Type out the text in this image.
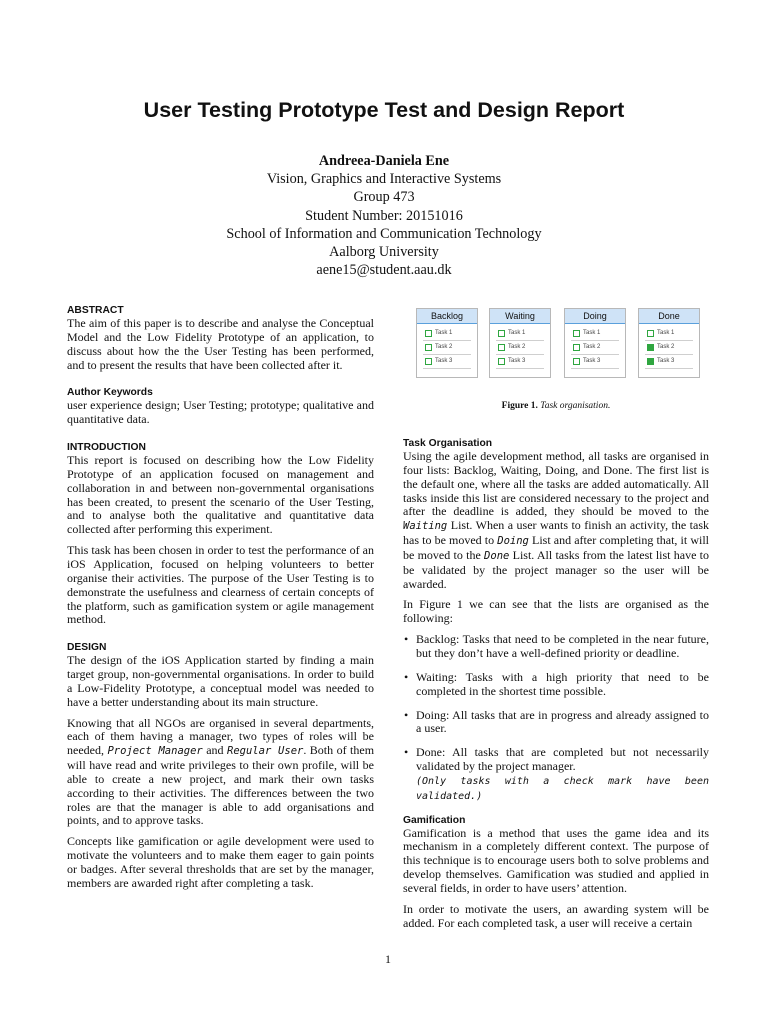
User Testing Prototype Test and Design Report
Andreea-Daniela Ene
Vision, Graphics and Interactive Systems
Group 473
Student Number: 20151016
School of Information and Communication Technology
Aalborg University
aene15@student.aau.dk
ABSTRACT

The aim of this paper is to describe and analyse the Conceptual Model and the Low Fidelity Prototype of an application, to discuss about how the the User Testing has been performed, and to present the results that have been collected after it.

Author Keywords

user experience design; User Testing; prototype; qualitative and quantitative data.

INTRODUCTION

This report is focused on describing how the Low Fidelity Prototype of an application focused on management and collaboration in and between non-governmental organisations has been created, to present the scenario of the User Testing, and to analyse both the qualitative and quantitative data collected after performing this experiment.

This task has been chosen in order to test the performance of an iOS Application, focused on helping volunteers to better organise their activities. The purpose of the User Testing is to demonstrate the usefulness and clearness of certain concepts of the platform, such as gamification system or agile management method.

DESIGN

The design of the iOS Application started by finding a main target group, non-governmental organisations. In order to build a Low-Fidelity Prototype, a conceptual model was needed to have a better understanding about its main structure.

Knowing that all NGOs are organised in several departments, each of them having a manager, two types of roles will be needed, Project Manager and Regular User. Both of them will have read and write privileges to their own profile, will be able to create a new project, and mark their own tasks according to their activities. The differences between the two roles are that the manager is able to add organisations and points, and to approve tasks.

Concepts like gamification or agile development were used to motivate the volunteers and to make them eager to gain points or badges. After several thresholds that are set by the manager, members are awarded right after completing a task.

Backlog
Task 1
Task 2
Task 3
Waiting
Task 1
Task 2
Task 3
Doing
Task 1
Task 2
Task 3
Done
Task 1
Task 2
Task 3
Figure 1. Task organisation.
Task Organisation

Using the agile development method, all tasks are organised in four lists: Backlog, Waiting, Doing, and Done. The first list is the default one, where all the tasks are added automatically. All tasks inside this list are considered necessary to the project and after the deadline is added, they should be moved to the Waiting List. When a user wants to finish an activity, the task has to be moved to Doing List and after completing that, it will be moved to the Done List. All tasks from the latest list have to be validated by the project manager so the user will be awarded.

In Figure 1 we can see that the lists are organised as the following:

• Backlog: Tasks that need to be completed in the near future, but they don’t have a well-defined priority or deadline.
• Waiting: Tasks with a high priority that need to be completed in the shortest time possible.
• Doing: All tasks that are in progress and already assigned to a user.
• Done: All tasks that are completed but not necessarily validated by the project manager.
(Only tasks with a check mark have been validated.)
Gamification

Gamification is a method that uses the game idea and its mechanism in a completely different context. The purpose of this technique is to encourage users both to solve problems and develop themselves. Gamification was studied and applied in several fields, in order to have users’ attention.

In order to motivate the users, an awarding system will be added. For each completed task, a user will receive a certain

1
